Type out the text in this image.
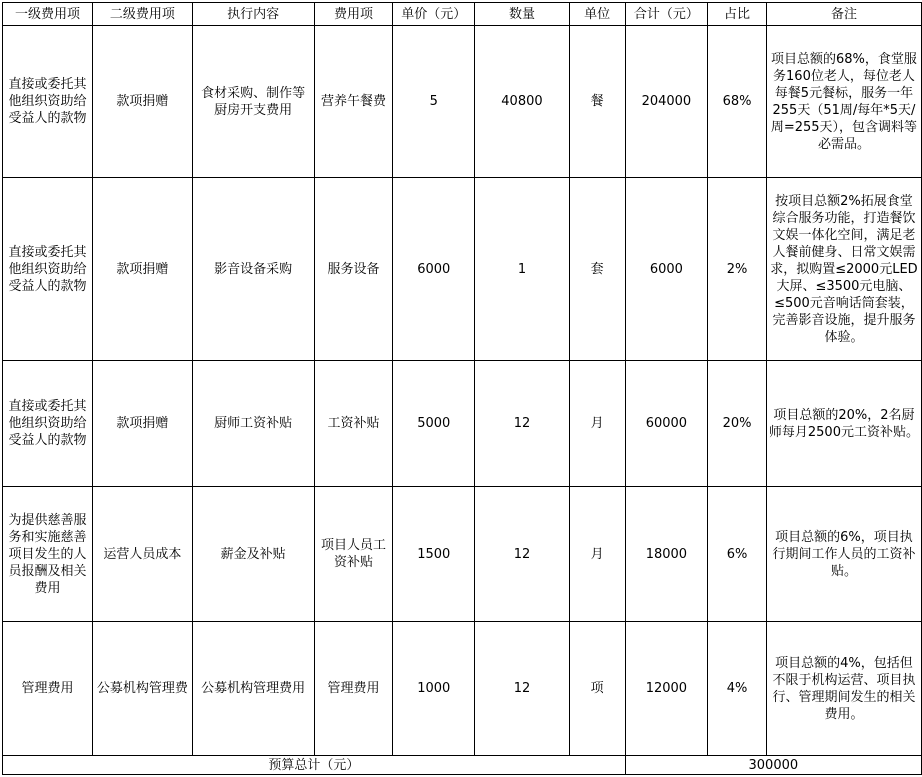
一级费用项	二级费用项	执行内容	费用项	单价（元）	数量	单位	合计（元）	占比	备注
直接或委托其他组织资助给受益人的款物	款项捐赠	食材采购、制作等厨房开支费用	营养午餐费	5	40800	餐	204000	68%	项目总额的68%，食堂服务160位老人，每位老人每餐5元餐标，服务一年255天（51周/每年*5天/周=255天），包含调料等必需品。
直接或委托其他组织资助给受益人的款物	款项捐赠	影音设备采购	服务设备	6000	1	套	6000	2%	按项目总额2%拓展食堂综合服务功能，打造餐饮文娱一体化空间，满足老人餐前健身、日常文娱需求，拟购置≤2000元LED大屏、≤3500元电脑、≤500元音响话筒套装，完善影音设施，提升服务体验。
直接或委托其他组织资助给受益人的款物	款项捐赠	厨师工资补贴	工资补贴	5000	12	月	60000	20%	项目总额的20%，2名厨师每月2500元工资补贴。
为提供慈善服务和实施慈善项目发生的人员报酬及相关费用	运营人员成本	薪金及补贴	项目人员工资补贴	1500	12	月	18000	6%	项目总额的6%，项目执行期间工作人员的工资补贴。
管理费用	公募机构管理费	公募机构管理费用	管理费用	1000	12	项	12000	4%	项目总额的4%，包括但不限于机构运营、项目执行、管理期间发生的相关费用。
预算总计（元）							300000		
